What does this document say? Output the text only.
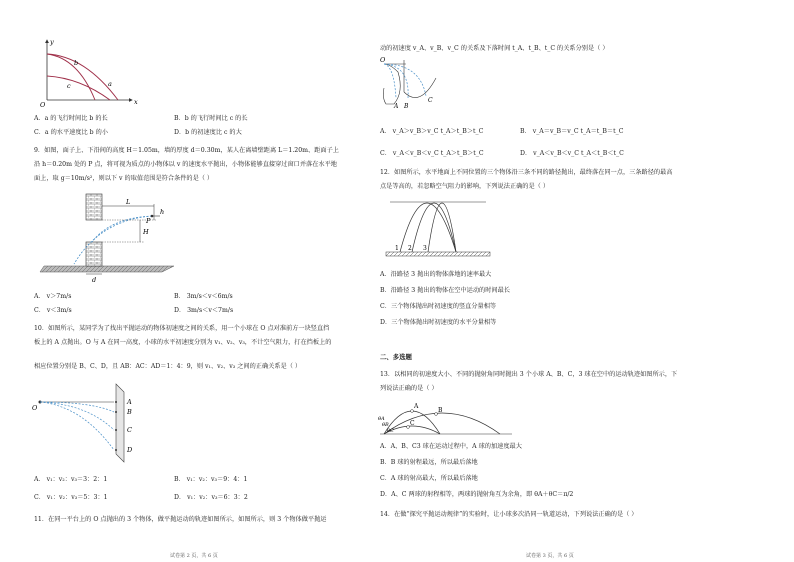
y
x
O
b
a
c
A．a 的飞行时间比 b 的长	B．b 的飞行时间比 c 的长
C．a 的水平速度比 b 的小	D．b 的初速度比 c 的大
9．如图，面子上、下沿间的高度 H＝1.05m，墙的厚度 d＝0.30m，某人在离墙壁距离 L＝1.20m、距面子上
沿 h＝0.20m 处的 P 点，将可视为质点的小物体以 v 的速度水平抛出，小物体能够直接穿过窗口并落在水平地
面上，取 g＝10m/s²，则以下 v 的取值范围是符合条件的是（ ）
L
P
h
H
d
A． v＞7m/s	B． 3m/s＜v＜6m/s
C． v＜3m/s	D． 3m/s＜v＜7m/s
10．如图所示，某同学为了找出平抛运动的物体初速度之间的关系，用一个小球在 O 点对准前方一块竖直挡
板上的 A 点抛出。O 与 A 在同一高度，小球的水平初速度分别为 v₁、v₂、v₃，不计空气阻力，打在挡板上的
相应位置分别是 B、C、D，且 AB：AC：AD＝1：4：9，则 v₁、v₂、v₃ 之间的正确关系是（ ）
O
A
B
C
D
A． v₁：v₂：v₃＝3：2：1	B． v₁：v₂：v₃＝9：4：1
C． v₁：v₂：v₃＝5：3：1	D． v₁：v₂：v₃＝6：3：2
11．在同一平台上的 O 点抛出的 3 个物体，做平抛运动的轨迹如图所示，如图所示，则 3 个物体做平抛运
试卷第 2 页，共 6 页
动的初速度 v_A、v_B、v_C 的关系及下落时间 t_A、t_B、t_C 的关系分别是（ ）
O
A B
C
A． v_A＞v_B＞v_C t_A＞t_B＞t_C	B． v_A＝v_B＝v_C t_A＝t_B＝t_C
C． v_A＜v_B＜v_C t_A＞t_B＞t_C	D． v_A＜v_B＜v_C t_A＜t_B＜t_C
12．如图所示，水平地面上不同位置的三个物体沿三条不同的路径抛出，最终落在同一点，三条路径的最高
点是等高的，若忽略空气阻力的影响，下列说法正确的是（ ）
1 2 3
A．沿路径 3 抛出的物体落地的速率最大
B．沿路径 3 抛出的物体在空中运动的时间最长
C．三个物体抛出时初速度的竖直分量相等
D．三个物体抛出时初速度的水平分量相等
二、多选题
13．以相同的初速度大小、不同的抛射角同时抛出 3 个小球 A、B、C，3 球在空中的运动轨迹如图所示，下
列说法正确的是（ ）
A
B
C
θA
θB
θC
A．A、B、C3 球在运动过程中，A 球的加速度最大
B．B 球的射程最远，所以最后落地
C．A 球的射高最大，所以最后落地
D．A、C 两球的射程相等，两球的抛射角互为余角，即 θA＋θC＝π/2
14．在做“探究平抛运动规律”的实验时，让小球多次沿同一轨道运动，下列说法正确的是（ ）
试卷第 3 页，共 6 页
